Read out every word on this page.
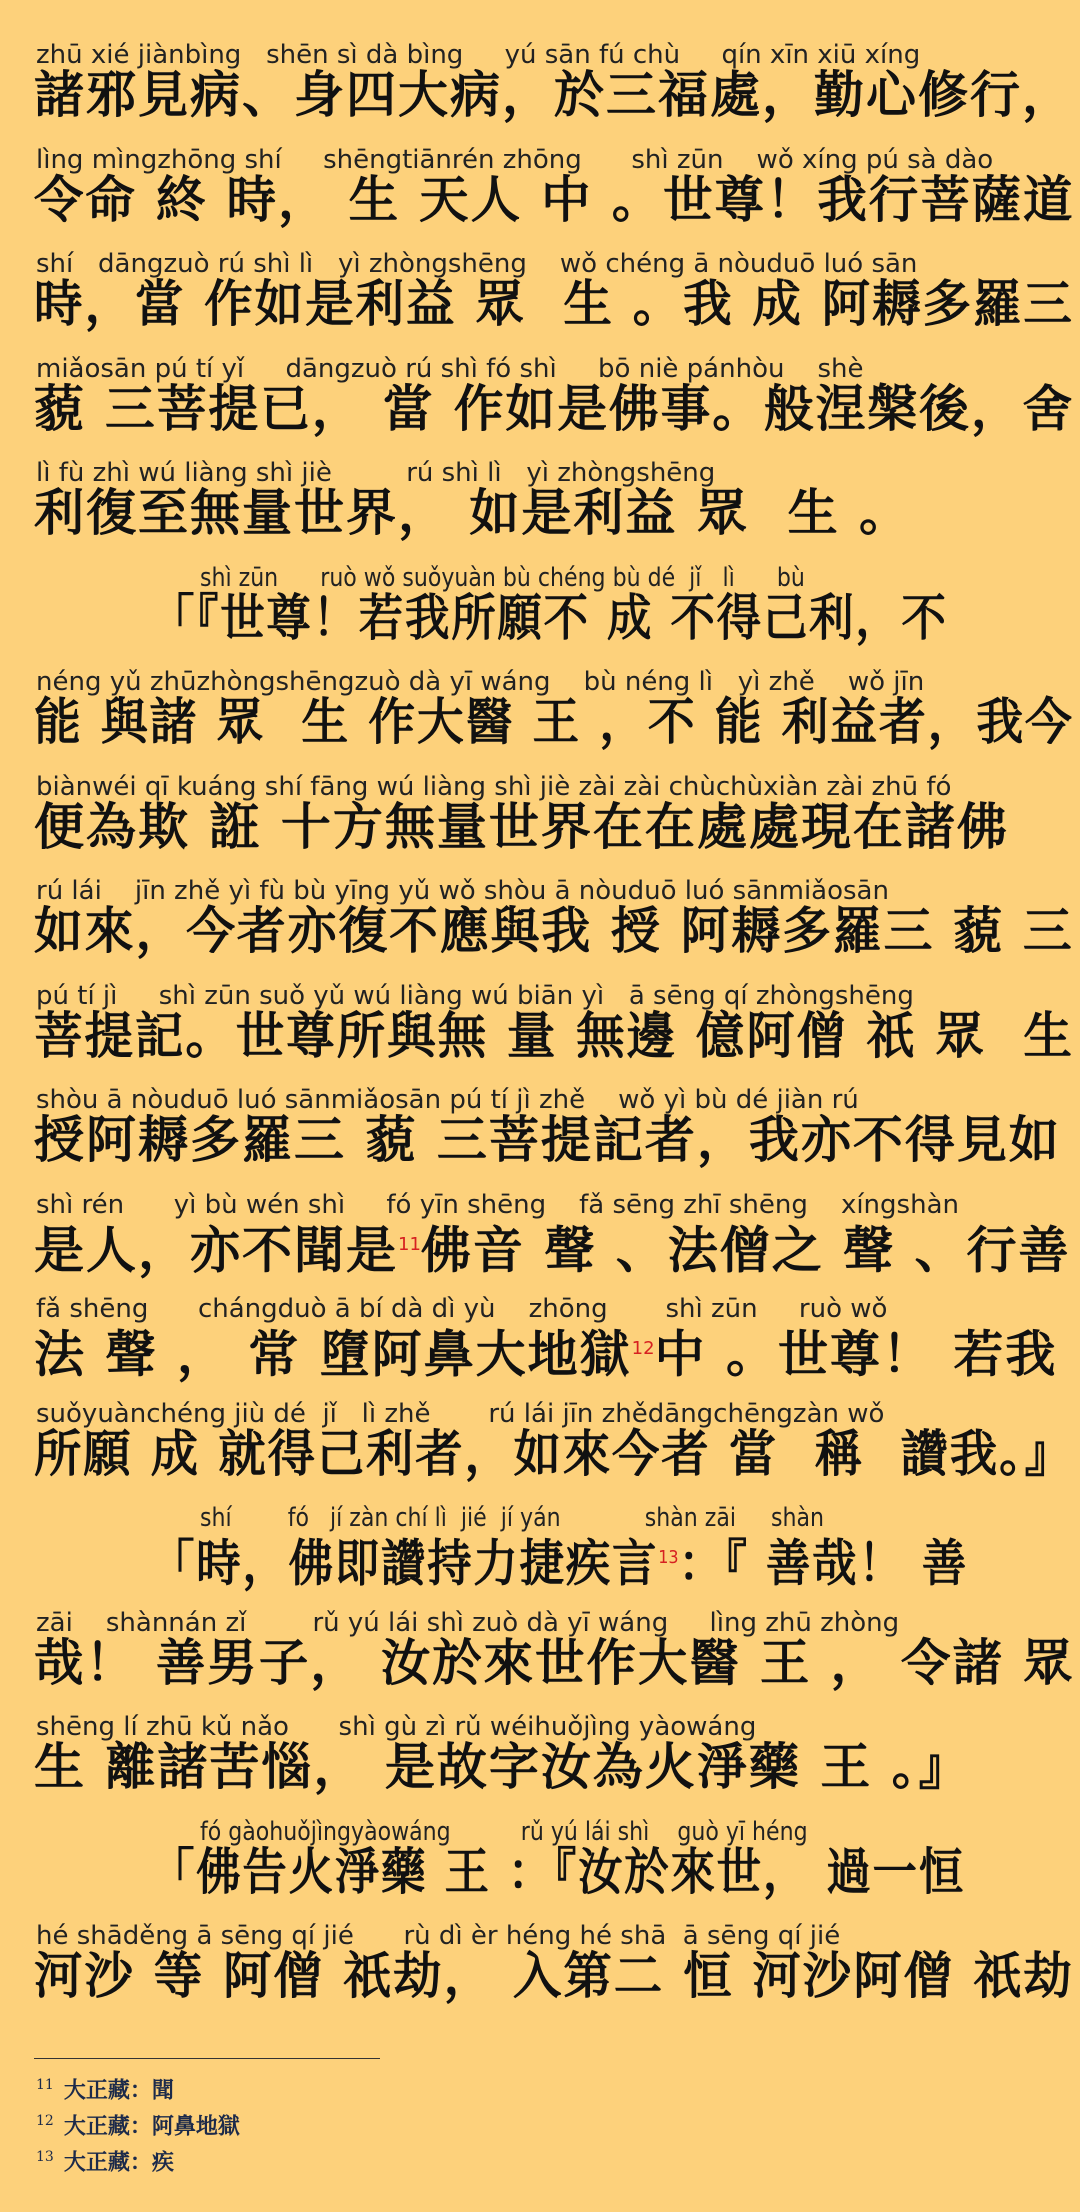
zhū xié jiànbìng   shēn sì dà bìng     yú sān fú chù     qín xīn xiū xíng
諸邪見病、身四大病，於三福處，勤心修行，
lìng mìngzhōng shí     shēngtiānrén zhōng      shì zūn    wǒ xíng pú sà dào
令命 終 時， 生 天人 中 。世尊！我行菩薩道
shí   dāngzuò rú shì lì   yì zhòngshēng    wǒ chéng ā nòuduō luó sān
時，當 作如是利益 眾  生 。我 成 阿耨多羅三
miǎosān pú tí yǐ     dāngzuò rú shì fó shì     bō niè pánhòu    shè
藐 三菩提已， 當 作如是佛事。般涅槃後，舍
lì fù zhì wú liàng shì jiè         rú shì lì   yì zhòngshēng
利復至無量世界， 如是利益 眾  生 。
shì zūn      ruò wǒ suǒyuàn bù chéng bù dé  jǐ   lì      bù
「『世尊！若我所願不 成 不得己利，不
néng yǔ zhūzhòngshēngzuò dà yī wáng    bù néng lì   yì zhě    wǒ jīn
能 與諸 眾  生 作大醫 王 ，不 能 利益者，我今
biànwéi qī kuáng shí fāng wú liàng shì jiè zài zài chùchùxiàn zài zhū fó
便為欺 誑 十方無量世界在在處處現在諸佛
rú lái    jīn zhě yì fù bù yīng yǔ wǒ shòu ā nòuduō luó sānmiǎosān
如來，今者亦復不應與我 授 阿耨多羅三 藐 三
pú tí jì     shì zūn suǒ yǔ wú liàng wú biān yì   ā sēng qí zhòngshēng
菩提記。世尊所與無 量 無邊 億阿僧 祇 眾  生
shòu ā nòuduō luó sānmiǎosān pú tí jì zhě    wǒ yì bù dé jiàn rú
授阿耨多羅三 藐 三菩提記者，我亦不得見如
shì rén      yì bù wén shì     fó yīn shēng    fǎ sēng zhī shēng    xíngshàn
是人，亦不聞是$^{11}$佛音 聲 、法僧之 聲 、行善
fǎ shēng      chángduò ā bí dà dì yù    zhōng       shì zūn     ruò wǒ
法 聲 ， 常 墮阿鼻大地獄$^{12}$中 。世尊！ 若我
suǒyuànchéng jiù dé  jǐ   lì zhě       rú lái jīn zhědāngchēngzàn wǒ
所願 成 就得己利者，如來今者 當  稱  讚我。』
shí        fó   jí zàn chí lì  jié  jí yán            shàn zāi     shàn
「時，佛即讚持力捷疾言$^{13}$：『 善哉！ 善
zāi    shànnán zǐ        rǔ yú lái shì zuò dà yī wáng     lìng zhū zhòng
哉！ 善男子， 汝於來世作大醫 王 ， 令諸 眾
shēng lí zhū kǔ nǎo      shì gù zì rǔ wéihuǒjìng yàowáng
生 離諸苦惱， 是故字汝為火淨藥 王 。』
fó gàohuǒjìngyàowáng          rǔ yú lái shì    guò yī héng
「佛告火淨藥 王 ：『汝於來世， 過一恒
hé shāděng ā sēng qí jié      rù dì èr héng hé shā  ā sēng qí jié
河沙 等 阿僧 祇劫， 入第二 恒 河沙阿僧 祇劫
$^{11}$ 大正藏：聞
$^{12}$ 大正藏：阿鼻地獄
$^{13}$ 大正藏：疾
